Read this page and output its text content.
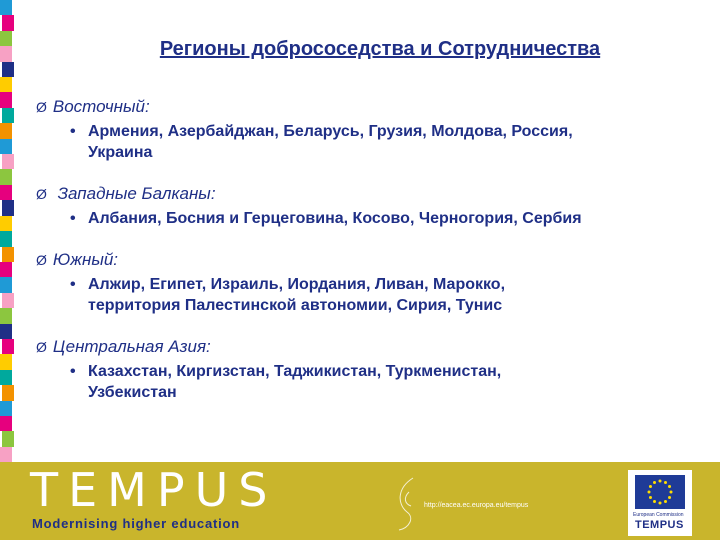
Регионы добрососедства и Сотрудничества
Ø Восточный:
• Армения, Азербайджан, Беларусь, Грузия, Молдова, Россия,
Украина
Ø Западные Балканы:
• Албания, Босния и Герцеговина, Косово, Черногория, Сербия
Ø Южный:
• Алжир, Египет, Израиль, Иордания, Ливан, Марокко,
территория Палестинской автономии, Сирия, Тунис
Ø Центральная Азия:
• Казахстан, Киргизстан, Таджикистан, Туркменистан,
Узбекистан
TEMPUS
Modernising higher education
http://eacea.ec.europa.eu/tempus
European Commission
TEMPUS
